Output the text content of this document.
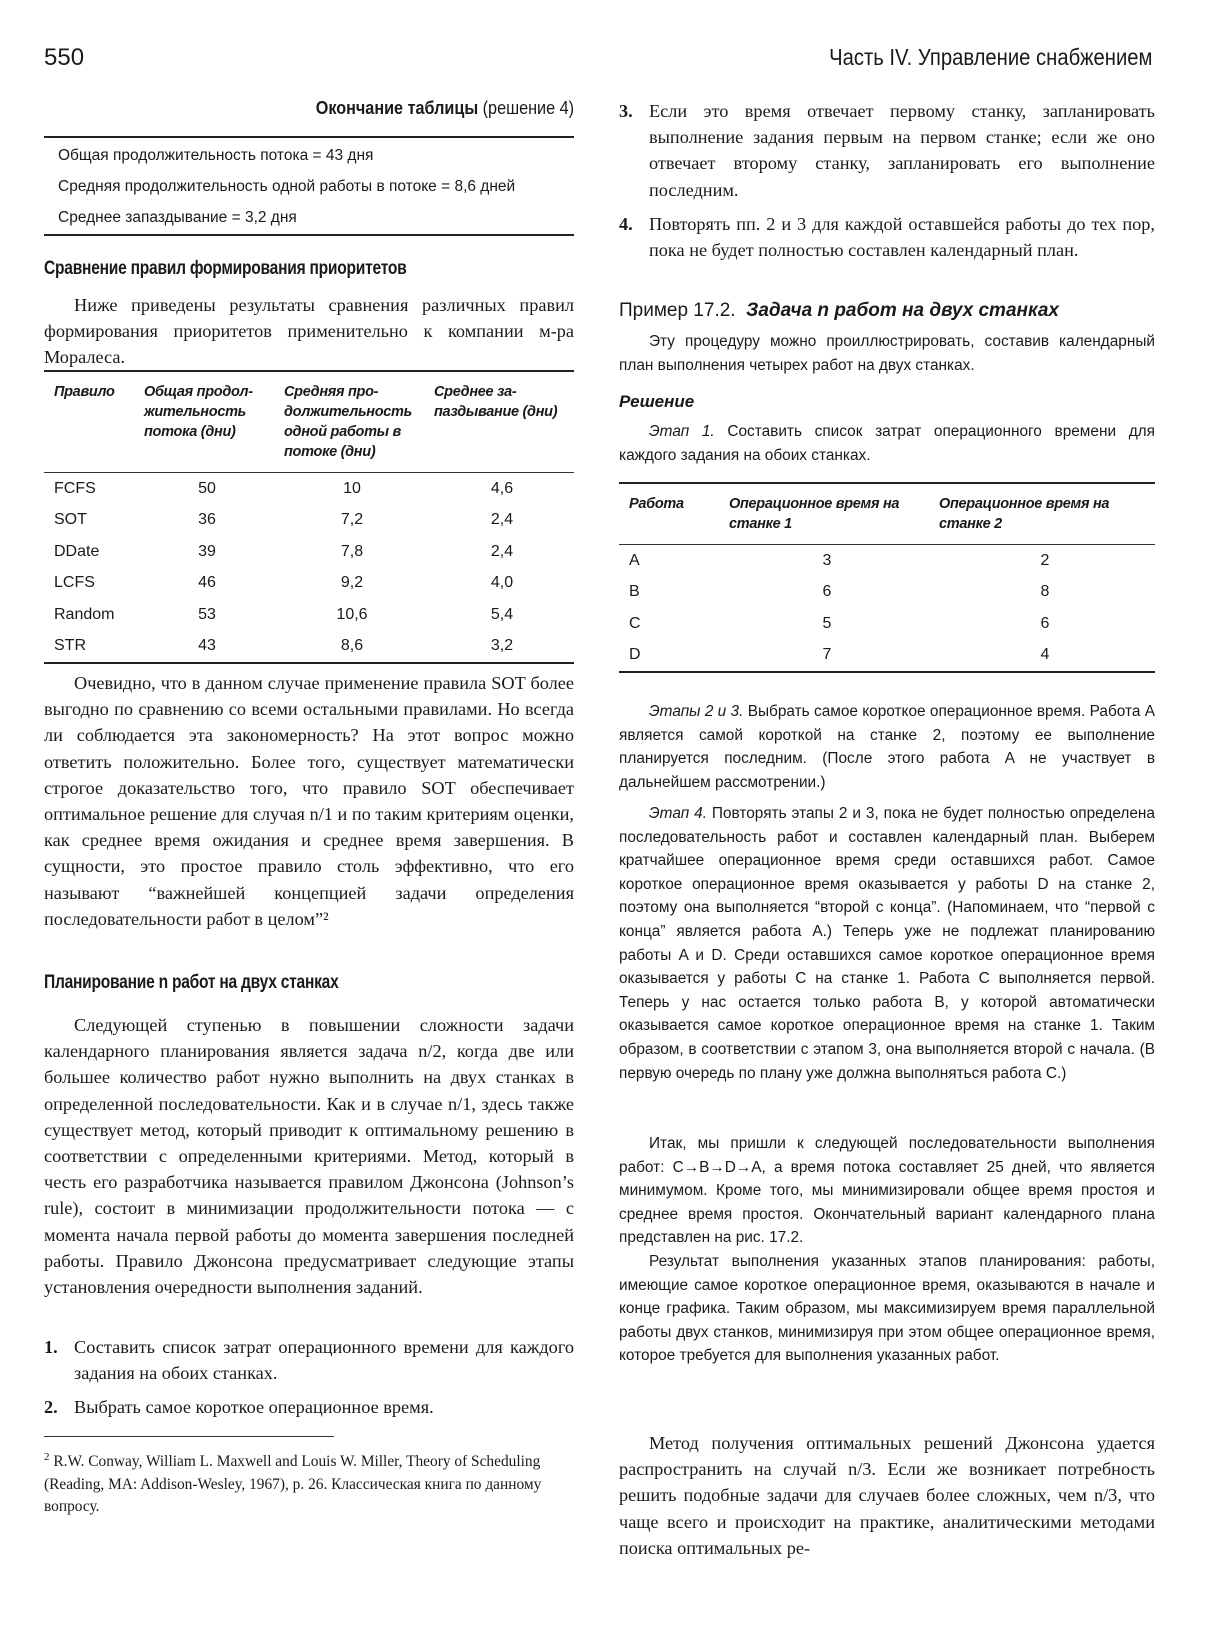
550	Часть IV. Управление снабжением
Окончание таблицы (решение 4)
Общая продолжительность потока = 43 дня
Средняя продолжительность одной работы в потоке = 8,6 дней
Среднее запаздывание = 3,2 дня
Сравнение правил формирования приоритетов

Ниже приведены результаты сравнения различных правил формирования приоритетов применительно к компании м-ра Моралеса.

Правило	Общая продол-жительность потока (дни)	Средняя про-должительность одной работы в потоке (дни)	Среднее за-паздывание (дни)
FCFS	50	10	4,6
SOT	36	7,2	2,4
DDate	39	7,8	2,4
LCFS	46	9,2	4,0
Random	53	10,6	5,4
STR	43	8,6	3,2

Очевидно, что в данном случае применение правила SOT более выгодно по сравнению со всеми остальными правилами. Но всегда ли соблюдается эта закономерность? На этот вопрос можно ответить положительно. Более того, существует математически строгое доказательство того, что правило SOT обеспечивает оптимальное решение для случая n/1 и по таким критериям оценки, как среднее время ожидания и среднее время завершения. В сущности, это простое правило столь эффективно, что его называют “важнейшей концепцией задачи определения последовательности работ в целом”²

Планирование n работ на двух станках

Следующей ступенью в повышении сложности задачи календарного планирования является задача n/2, когда две или большее количество работ нужно выполнить на двух станках в определенной последовательности. Как и в случае n/1, здесь также существует метод, который приводит к оптимальному решению в соответствии с определенными критериями. Метод, который в честь его разработчика называется правилом Джонсона (Johnson’s rule), состоит в минимизации продолжительности потока — с момента начала первой работы до момента завершения последней работы. Правило Джонсона предусматривает следующие этапы установления очередности выполнения заданий.

1. Составить список затрат операционного времени для каждого задания на обоих станках.
2. Выбрать самое короткое операционное время.
$^2$ R.W. Conway, William L. Maxwell and Louis W. Miller, Theory of Scheduling (Reading, MA: Addison-Wesley, 1967), p. 26. Классическая книга по данному вопросу.
3. Если это время отвечает первому станку, запланировать выполнение задания первым на первом станке; если же оно отвечает второму станку, запланировать его выполнение последним.
4. Повторять пп. 2 и 3 для каждой оставшейся работы до тех пор, пока не будет полностью составлен календарный план.
Пример 17.2. Задача n работ на двух станках

Эту процедуру можно проиллюстрировать, составив календарный план выполнения четырех работ на двух станках.

Решение

Этап 1. Составить список затрат операционного времени для каждого задания на обоих станках.

Работа	Операционное время на станке 1	Операционное время на станке 2
A	3	2
B	6	8
C	5	6
D	7	4

Этапы 2 и 3. Выбрать самое короткое операционное время. Работа A является самой короткой на станке 2, поэтому ее выполнение планируется последним. (После этого работа A не участвует в дальнейшем рассмотрении.)

Этап 4. Повторять этапы 2 и 3, пока не будет полностью определена последовательность работ и составлен календарный план. Выберем кратчайшее операционное время среди оставшихся работ. Самое короткое операционное время оказывается у работы D на станке 2, поэтому она выполняется “второй с конца”. (Напоминаем, что “первой с конца” является работа A.) Теперь уже не подлежат планированию работы A и D. Среди оставшихся самое короткое операционное время оказывается у работы C на станке 1. Работа C выполняется первой. Теперь у нас остается только работа B, у которой автоматически оказывается самое короткое операционное время на станке 1. Таким образом, в соответствии с этапом 3, она выполняется второй с начала. (В первую очередь по плану уже должна выполняться работа C.)

Итак, мы пришли к следующей последовательности выполнения работ: C→B→D→A, а время потока составляет 25 дней, что является минимумом. Кроме того, мы минимизировали общее время простоя и среднее время простоя. Окончательный вариант календарного плана представлен на рис. 17.2.

Результат выполнения указанных этапов планирования: работы, имеющие самое короткое операционное время, оказываются в начале и конце графика. Таким образом, мы максимизируем время параллельной работы двух станков, минимизируя при этом общее операционное время, которое требуется для выполнения указанных работ.

Метод получения оптимальных решений Джонсона удается распространить на случай n/3. Если же возникает потребность решить подобные задачи для случаев более сложных, чем n/3, что чаще всего и происходит на практике, аналитическими методами поиска оптимальных ре-
